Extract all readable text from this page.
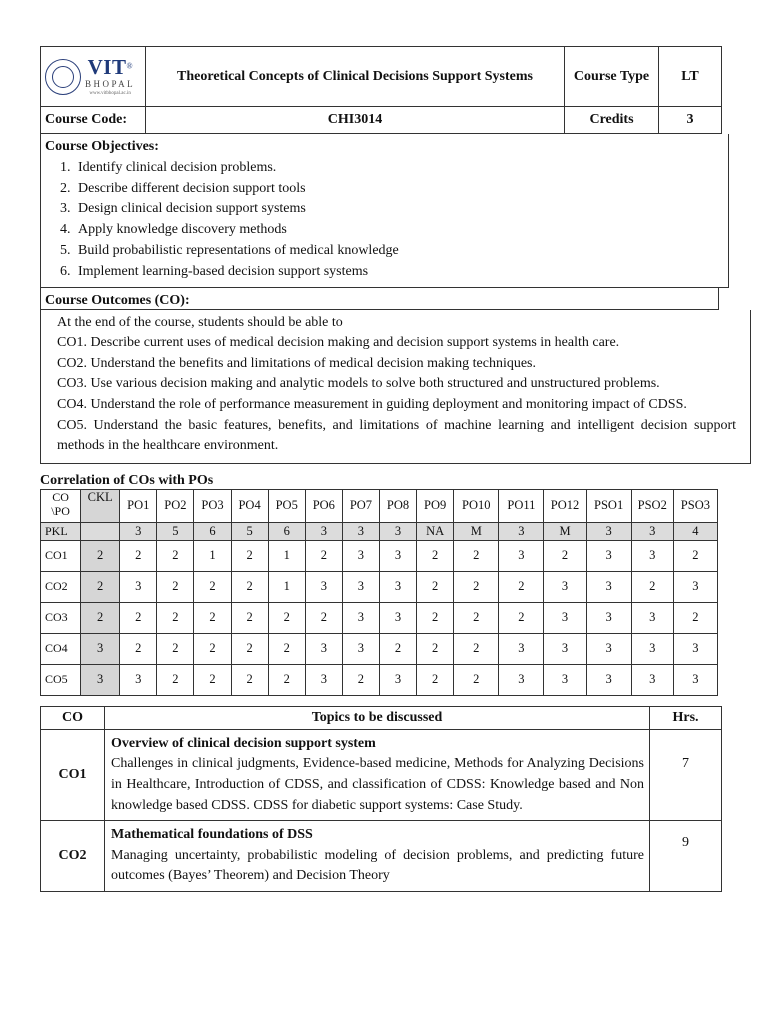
VIT®
BHOPAL
www.vitbhopal.ac.in	Theoretical Concepts of Clinical Decisions Support Systems	Course Type	LT
Course Code:	CHI3014	Credits	3
Course Objectives:
1. Identify clinical decision problems.
2. Describe different decision support tools
3. Design clinical decision support systems
4. Apply knowledge discovery methods
5. Build probabilistic representations of medical knowledge
6. Implement learning-based decision support systems
Course Outcomes (CO):
At the end of the course, students should be able to
CO1. Describe current uses of medical decision making and decision support systems in health care.
CO2. Understand the benefits and limitations of medical decision making techniques.
CO3. Use various decision making and analytic models to solve both structured and unstructured problems.
CO4. Understand the role of performance measurement in guiding deployment and monitoring impact of CDSS.
CO5. Understand the basic features, benefits, and limitations of machine learning and intelligent decision support methods in the healthcare environment.
Correlation of COs with POs
CO
\PO	CKL	PO1	PO2	PO3	PO4	PO5	PO6	PO7	PO8	PO9	PO10	PO11	PO12	PSO1	PSO2	PSO3
PKL		3	5	6	5	6	3	3	3	NA	M	3	M	3	3	4
CO1	2	2	2	1	2	1	2	3	3	2	2	3	2	3	3	2
CO2	2	3	2	2	2	1	3	3	3	2	2	2	3	3	2	3
CO3	2	2	2	2	2	2	2	3	3	2	2	2	3	3	3	2
CO4	3	2	2	2	2	2	3	3	2	2	2	3	3	3	3	3
CO5	3	3	2	2	2	2	3	2	3	2	2	3	3	3	3	3
CO	Topics to be discussed	Hrs.
CO1	Overview of clinical decision support system
Challenges in clinical judgments, Evidence-based medicine, Methods for Analyzing Decisions in Healthcare, Introduction of CDSS, and classification of CDSS: Knowledge based and Non knowledge based CDSS. CDSS for diabetic support systems: Case Study.	7
CO2	Mathematical foundations of DSS
Managing uncertainty, probabilistic modeling of decision problems, and predicting future outcomes (Bayes’ Theorem) and Decision Theory	9
